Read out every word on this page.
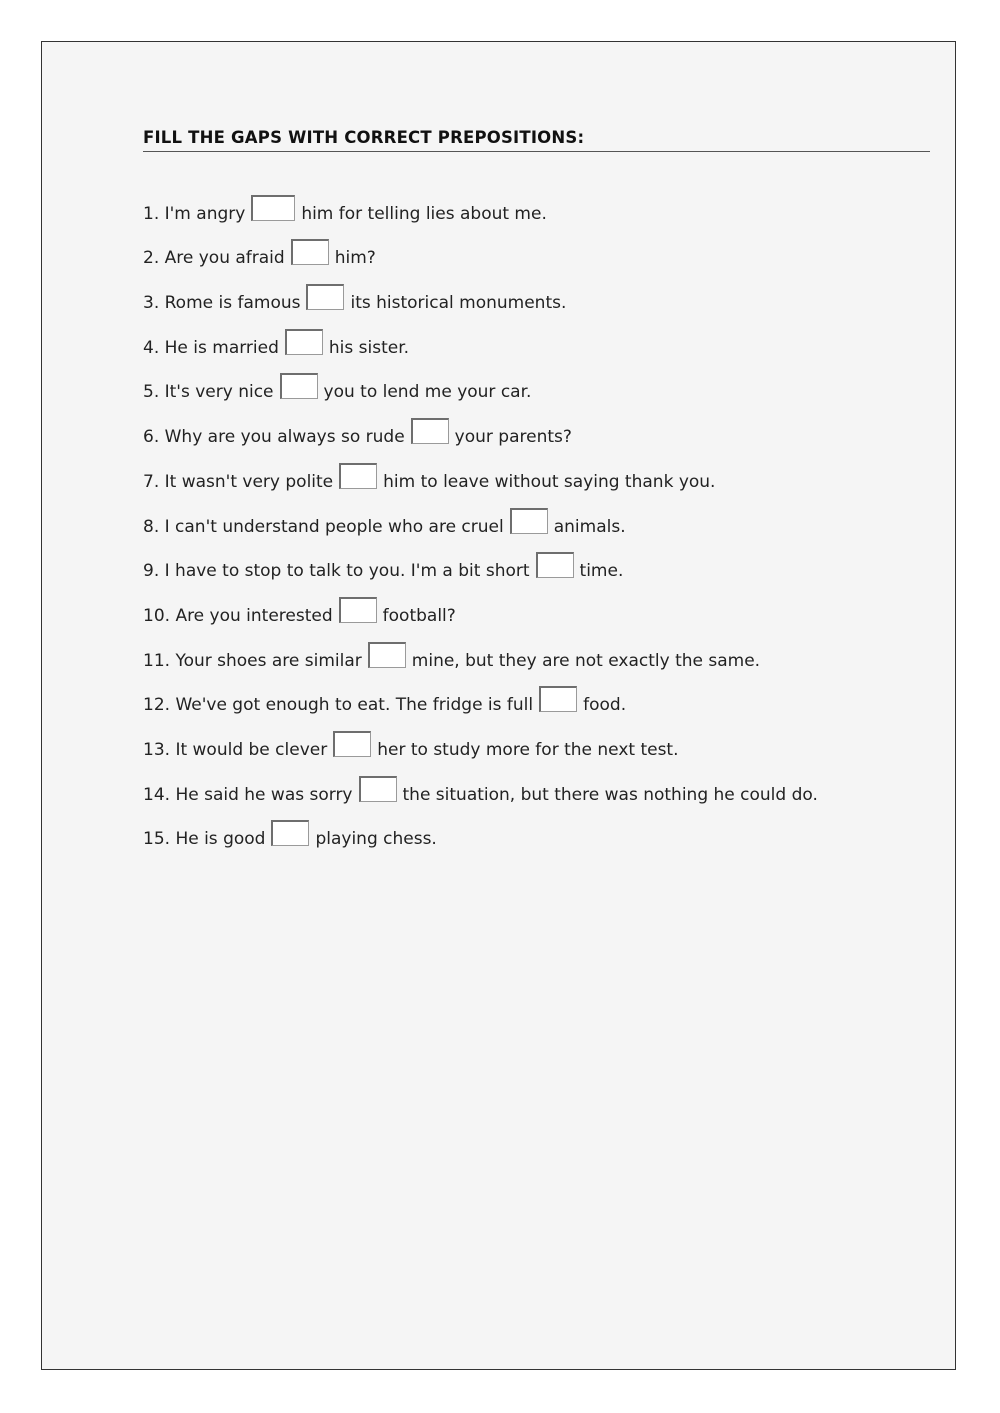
FILL THE GAPS WITH CORRECT PREPOSITIONS:
1. I'm angry	him for telling lies about me.
2. Are you afraid	him?
3. Rome is famous	its historical monuments.
4. He is married	his sister.
5. It's very nice	you to lend me your car.
6. Why are you always so rude	your parents?
7. It wasn't very polite	him to leave without saying thank you.
8. I can't understand people who are cruel	animals.
9. I have to stop to talk to you. I'm a bit short	time.
10. Are you interested	football?
11. Your shoes are similar	mine, but they are not exactly the same.
12. We've got enough to eat. The fridge is full	food.
13. It would be clever	her to study more for the next test.
14. He said he was sorry	the situation, but there was nothing he could do.
15. He is good	playing chess.
